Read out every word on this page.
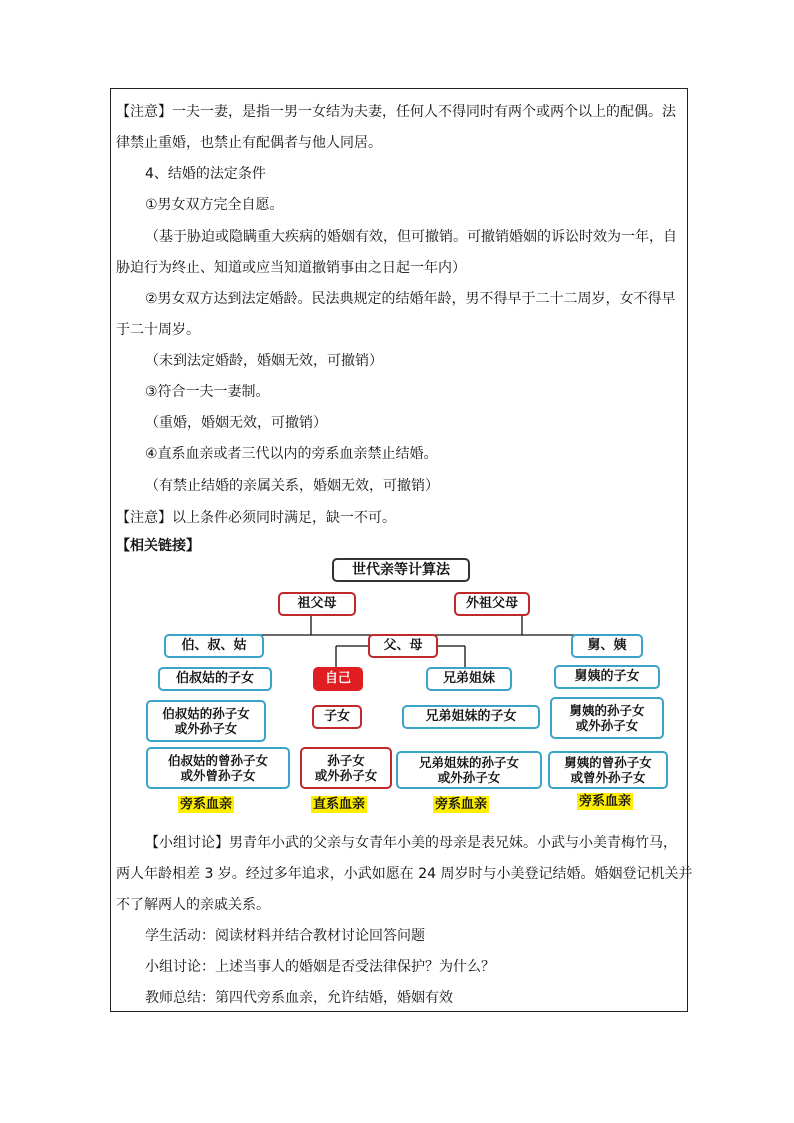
【注意】一夫一妻，是指一男一女结为夫妻，任何人不得同时有两个或两个以上的配偶。法
律禁止重婚，也禁止有配偶者与他人同居。
4、结婚的法定条件
①男女双方完全自愿。
（基于胁迫或隐瞒重大疾病的婚姻有效，但可撤销。可撤销婚姻的诉讼时效为一年，自
胁迫行为终止、知道或应当知道撤销事由之日起一年内）
②男女双方达到法定婚龄。民法典规定的结婚年龄，男不得早于二十二周岁，女不得早
于二十周岁。
（未到法定婚龄，婚姻无效，可撤销）
③符合一夫一妻制。
（重婚，婚姻无效，可撤销）
④直系血亲或者三代以内的旁系血亲禁止结婚。
（有禁止结婚的亲属关系，婚姻无效，可撤销）
【注意】以上条件必须同时满足，缺一不可。
【相关链接】
世代亲等计算法
祖父母	外祖父母
伯、叔、姑	父、母	舅、姨
伯叔姑的子女	自己	兄弟姐妹	舅姨的子女
伯叔姑的孙子女
或外孙子女
子女	兄弟姐妹的子女	舅姨的孙子女
或外孙子女
伯叔姑的曾孙子女
或外曾孙子女
孙子女
或外孙子女
兄弟姐妹的孙子女
或外孙子女
舅姨的曾孙子女
或曾外孙子女
旁系血亲	直系血亲	旁系血亲	旁系血亲
【小组讨论】男青年小武的父亲与女青年小美的母亲是表兄妹。小武与小美青梅竹马，
两人年龄相差 3 岁。经过多年追求，小武如愿在 24 周岁时与小美登记结婚。婚姻登记机关并
不了解两人的亲戚关系。
学生活动：阅读材料并结合教材讨论回答问题
小组讨论：上述当事人的婚姻是否受法律保护？为什么？
教师总结：第四代旁系血亲，允许结婚，婚姻有效
